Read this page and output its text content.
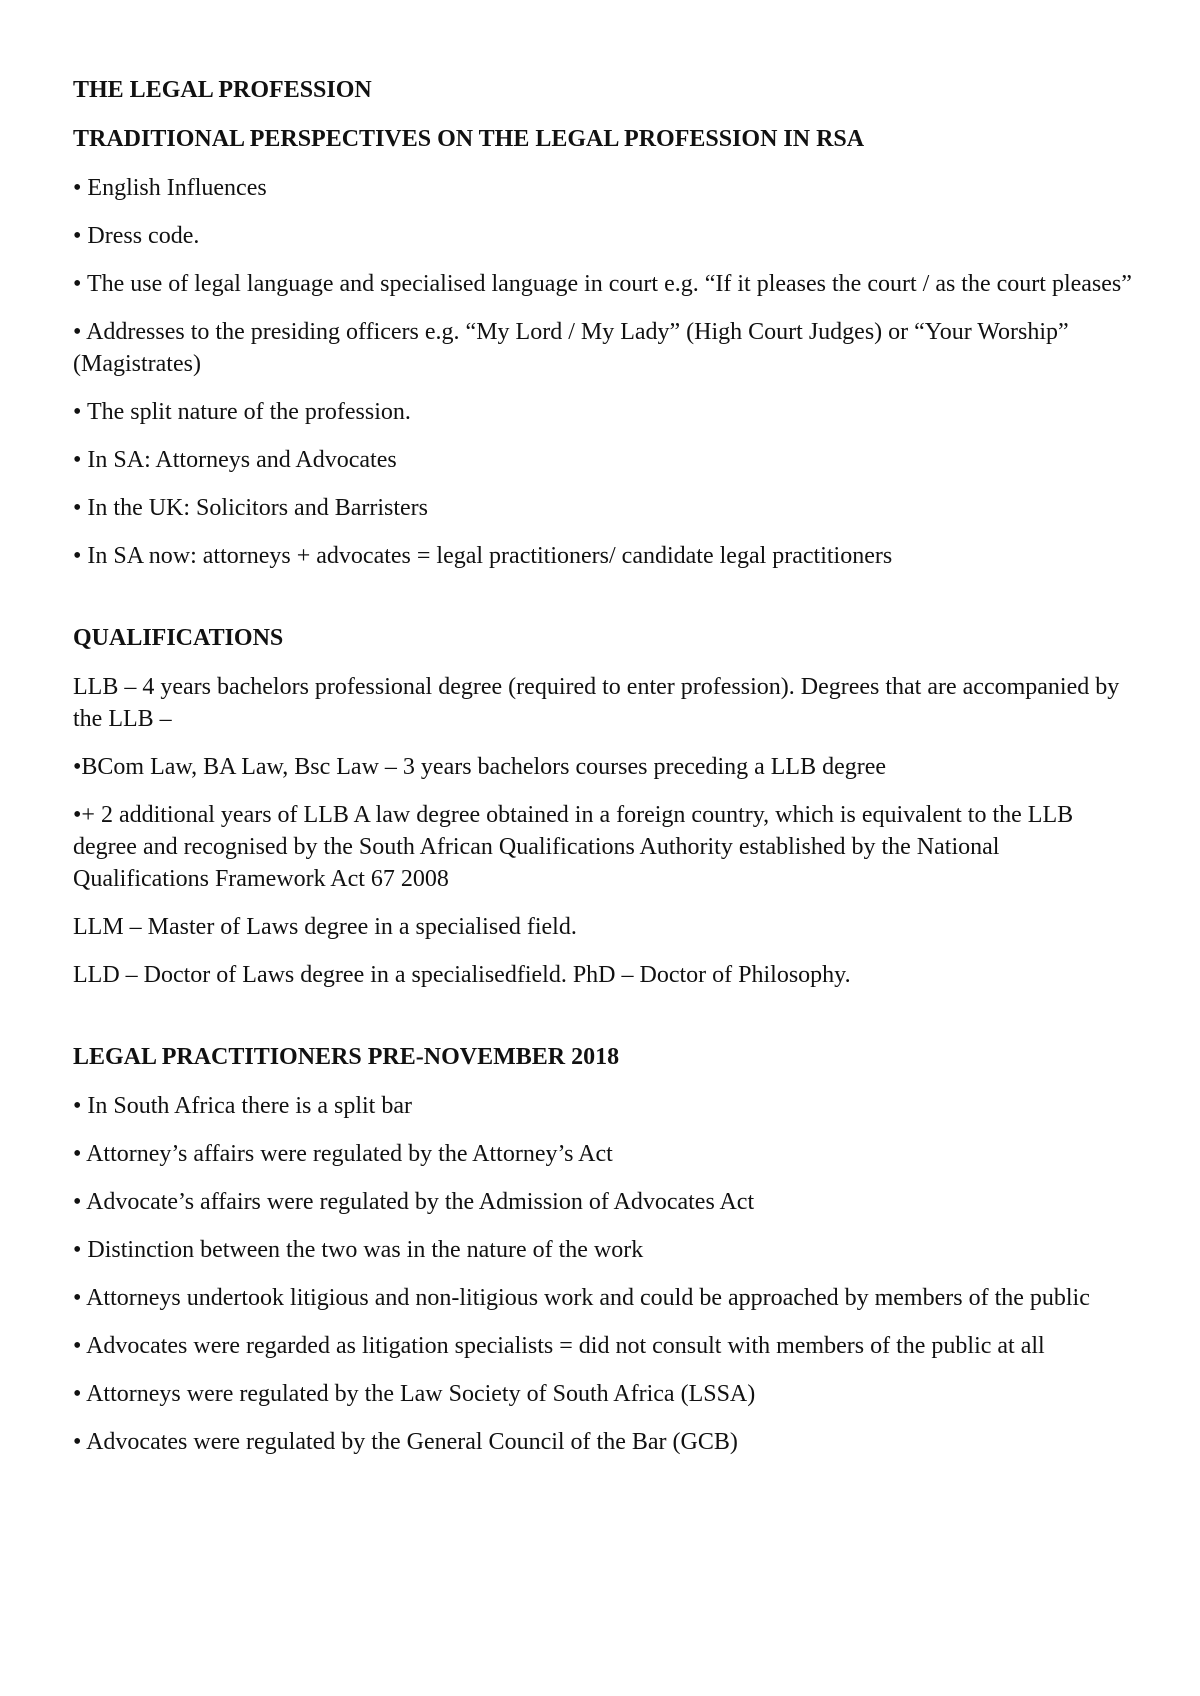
THE LEGAL PROFESSION
TRADITIONAL PERSPECTIVES ON THE LEGAL PROFESSION IN RSA
• English Influences
• Dress code.
• The use of legal language and specialised language in court e.g. “If it pleases the court / as the court pleases”
• Addresses to the presiding officers e.g. “My Lord / My Lady” (High Court Judges) or “Your Worship” (Magistrates)
• The split nature of the profession.
• In SA: Attorneys and Advocates
• In the UK: Solicitors and Barristers
• In SA now: attorneys + advocates = legal practitioners/ candidate legal practitioners
QUALIFICATIONS
LLB – 4 years bachelors professional degree (required to enter profession). Degrees that are accompanied by the LLB –
•BCom Law, BA Law, Bsc Law – 3 years bachelors courses preceding a LLB degree
•+ 2 additional years of LLB A law degree obtained in a foreign country, which is equivalent to the LLB degree and recognised by the South African Qualifications Authority established by the National Qualifications Framework Act 67 2008
LLM – Master of Laws degree in a specialised field.
LLD – Doctor of Laws degree in a specialisedfield. PhD – Doctor of Philosophy.
LEGAL PRACTITIONERS PRE-NOVEMBER 2018
• In South Africa there is a split bar
• Attorney’s affairs were regulated by the Attorney’s Act
• Advocate’s affairs were regulated by the Admission of Advocates Act
• Distinction between the two was in the nature of the work
• Attorneys undertook litigious and non-litigious work and could be approached by members of the public
• Advocates were regarded as litigation specialists = did not consult with members of the public at all
• Attorneys were regulated by the Law Society of South Africa (LSSA)
• Advocates were regulated by the General Council of the Bar (GCB)
